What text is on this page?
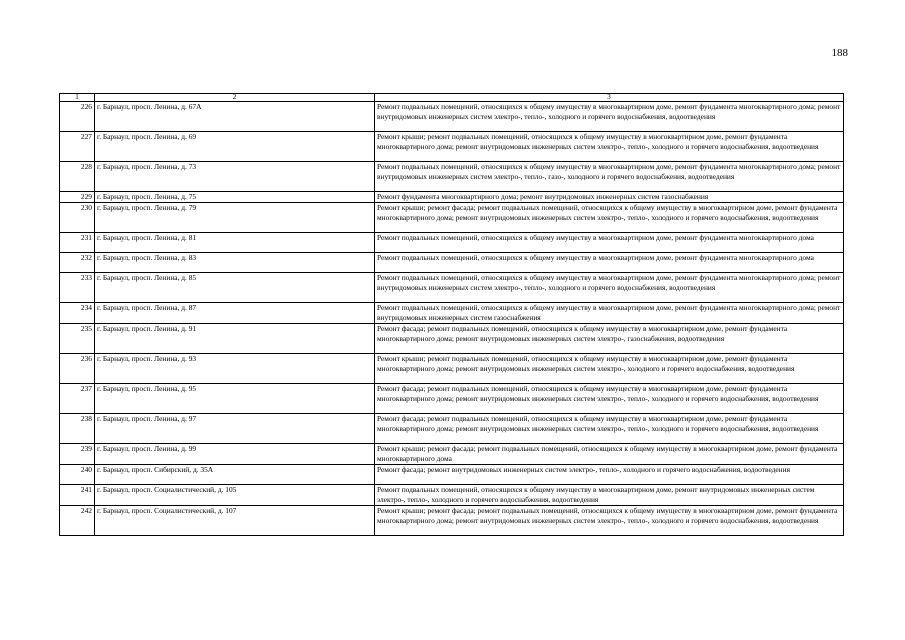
188
1	2	3
226	г. Барнаул, просп. Ленина, д. 67А	Ремонт подвальных помещений, относящихся к общему имуществу в многоквартирном доме, ремонт фундамента многоквартирного дома; ремонт внутридомовых инженерных систем электро-, тепло-, холодного и горячего водоснабжения, водоотведения
227	г. Барнаул, просп. Ленина, д. 69	Ремонт крыши; ремонт подвальных помещений, относящихся к общему имуществу в многоквартирном доме, ремонт фундамента многоквартирного дома; ремонт внутридомовых инженерных систем электро-, тепло-, холодного и горячего водоснабжения, водоотведения
228	г. Барнаул, просп. Ленина, д. 73	Ремонт подвальных помещений, относящихся к общему имуществу в многоквартирном доме, ремонт фундамента многоквартирного дома; ремонт внутридомовых инженерных систем электро-, тепло-, газо-, холодного и горячего водоснабжения, водоотведения
229	г. Барнаул, просп. Ленина, д. 75	Ремонт фундамента многоквартирного дома; ремонт внутридомовых инженерных систем газоснабжения
230	г. Барнаул, просп. Ленина, д. 79	Ремонт крыши; ремонт фасада; ремонт подвальных помещений, относящихся к общему имуществу в многоквартирном доме, ремонт фундамента многоквартирного дома; ремонт внутридомовых инженерных систем электро-, тепло-, холодного и горячего водоснабжения, водоотведения
231	г. Барнаул, просп. Ленина, д. 81	Ремонт подвальных помещений, относящихся к общему имуществу в многоквартирном доме, ремонт фундамента многоквартирного дома
232	г. Барнаул, просп. Ленина, д. 83	Ремонт подвальных помещений, относящихся к общему имуществу в многоквартирном доме, ремонт фундамента многоквартирного дома
233	г. Барнаул, просп. Ленина, д. 85	Ремонт подвальных помещений, относящихся к общему имуществу в многоквартирном доме, ремонт фундамента многоквартирного дома; ремонт внутридомовых инженерных систем электро-, тепло-, холодного и горячего водоснабжения, водоотведения
234	г. Барнаул, просп. Ленина, д. 87	Ремонт подвальных помещений, относящихся к общему имуществу в многоквартирном доме, ремонт фундамента многоквартирного дома; ремонт внутридомовых инженерных систем газоснабжения
235	г. Барнаул, просп. Ленина, д. 91	Ремонт фасада; ремонт подвальных помещений, относящихся к общему имуществу в многоквартирном доме, ремонт фундамента многоквартирного дома; ремонт внутридомовых инженерных систем электро-, газоснабжения, водоотведения
236	г. Барнаул, просп. Ленина, д. 93	Ремонт крыши; ремонт подвальных помещений, относящихся к общему имуществу в многоквартирном доме, ремонт фундамента многоквартирного дома; ремонт внутридомовых инженерных систем электро-, холодного и горячего водоснабжения, водоотведения
237	г. Барнаул, просп. Ленина, д. 95	Ремонт фасада; ремонт подвальных помещений, относящихся к общему имуществу в многоквартирном доме, ремонт фундамента многоквартирного дома; ремонт внутридомовых инженерных систем электро-, тепло-, холодного и горячего водоснабжения, водоотведения
238	г. Барнаул, просп. Ленина, д. 97	Ремонт фасада; ремонт подвальных помещений, относящихся к общему имуществу в многоквартирном доме, ремонт фундамента многоквартирного дома; ремонт внутридомовых инженерных систем электро-, тепло-, холодного и горячего водоснабжения, водоотведения
239	г. Барнаул, просп. Ленина, д. 99	Ремонт крыши; ремонт фасада; ремонт подвальных помещений, относящихся к общему имуществу в многоквартирном доме, ремонт фундамента многоквартирного дома
240	г. Барнаул, просп. Сибирский, д. 35А	Ремонт фасада; ремонт внутридомовых инженерных систем электро-, тепло-, холодного и горячего водоснабжения, водоотведения
241	г. Барнаул, просп. Социалистический, д. 105	Ремонт подвальных помещений, относящихся к общему имуществу в многоквартирном доме, ремонт внутридомовых инженерных систем электро-, тепло-, холодного и горячего водоснабжения, водоотведения
242	г. Барнаул, просп. Социалистический, д. 107	Ремонт крыши; ремонт фасада; ремонт подвальных помещений, относящихся к общему имуществу в многоквартирном доме, ремонт фундамента многоквартирного дома; ремонт внутридомовых инженерных систем электро-, тепло-, холодного и горячего водоснабжения, водоотведения
